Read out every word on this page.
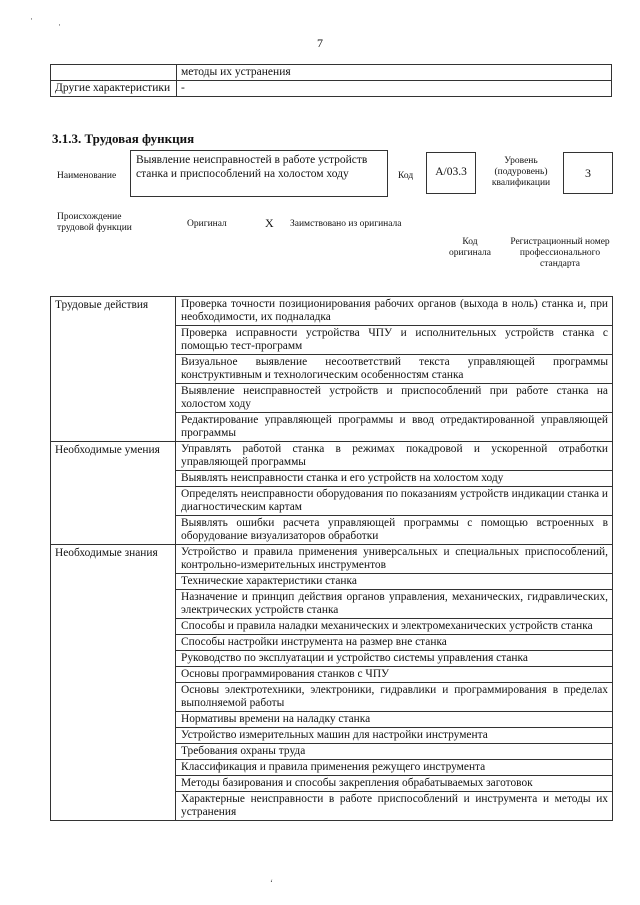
·
·
7
	методы их устранения
Другие характеристики	-
3.1.3. Трудовая функция
Наименование
Выявление неисправностей в работе устройств станка и приспособлений на холостом ходу	Код	A/03.3
Уровень (подуровень) квалификации
3
Происхождение трудовой функции	Оригинал	X Заимствовано из оригинала
Код оригинала
Регистрационный номер профессионального стандарта
Трудовые действия	Проверка точности позиционирования рабочих органов (выхода в ноль) станка и, при необходимости, их подналадка
	Проверка исправности устройства ЧПУ и исполнительных устройств станка с помощью тест-программ
	Визуальное выявление несоответствий текста управляющей программы конструктивным и технологическим особенностям станка
	Выявление неисправностей устройств и приспособлений при работе станка на холостом ходу
	Редактирование управляющей программы и ввод отредактированной управляющей программы
Необходимые умения	Управлять работой станка в режимах покадровой и ускоренной отработки управляющей программы
	Выявлять неисправности станка и его устройств на холостом ходу
	Определять неисправности оборудования по показаниям устройств индикации станка и диагностическим картам
	Выявлять ошибки расчета управляющей программы с помощью встроенных в оборудование визуализаторов обработки
Необходимые знания	Устройство и правила применения универсальных и специальных приспособлений, контрольно-измерительных инструментов
	Технические характеристики станка
	Назначение и принцип действия органов управления, механических, гидравлических, электрических устройств станка
	Способы и правила наладки механических и электромеханических устройств станка
	Способы настройки инструмента на размер вне станка
	Руководство по эксплуатации и устройство системы управления станка
	Основы программирования станков с ЧПУ
	Основы электротехники, электроники, гидравлики и программирования в пределах выполняемой работы
	Нормативы времени на наладку станка
	Устройство измерительных машин для настройки инструмента
	Требования охраны труда
	Классификация и правила применения режущего инструмента
	Методы базирования и способы закрепления обрабатываемых заготовок
	Характерные неисправности в работе приспособлений и инструмента и методы их устранения
ʻ
